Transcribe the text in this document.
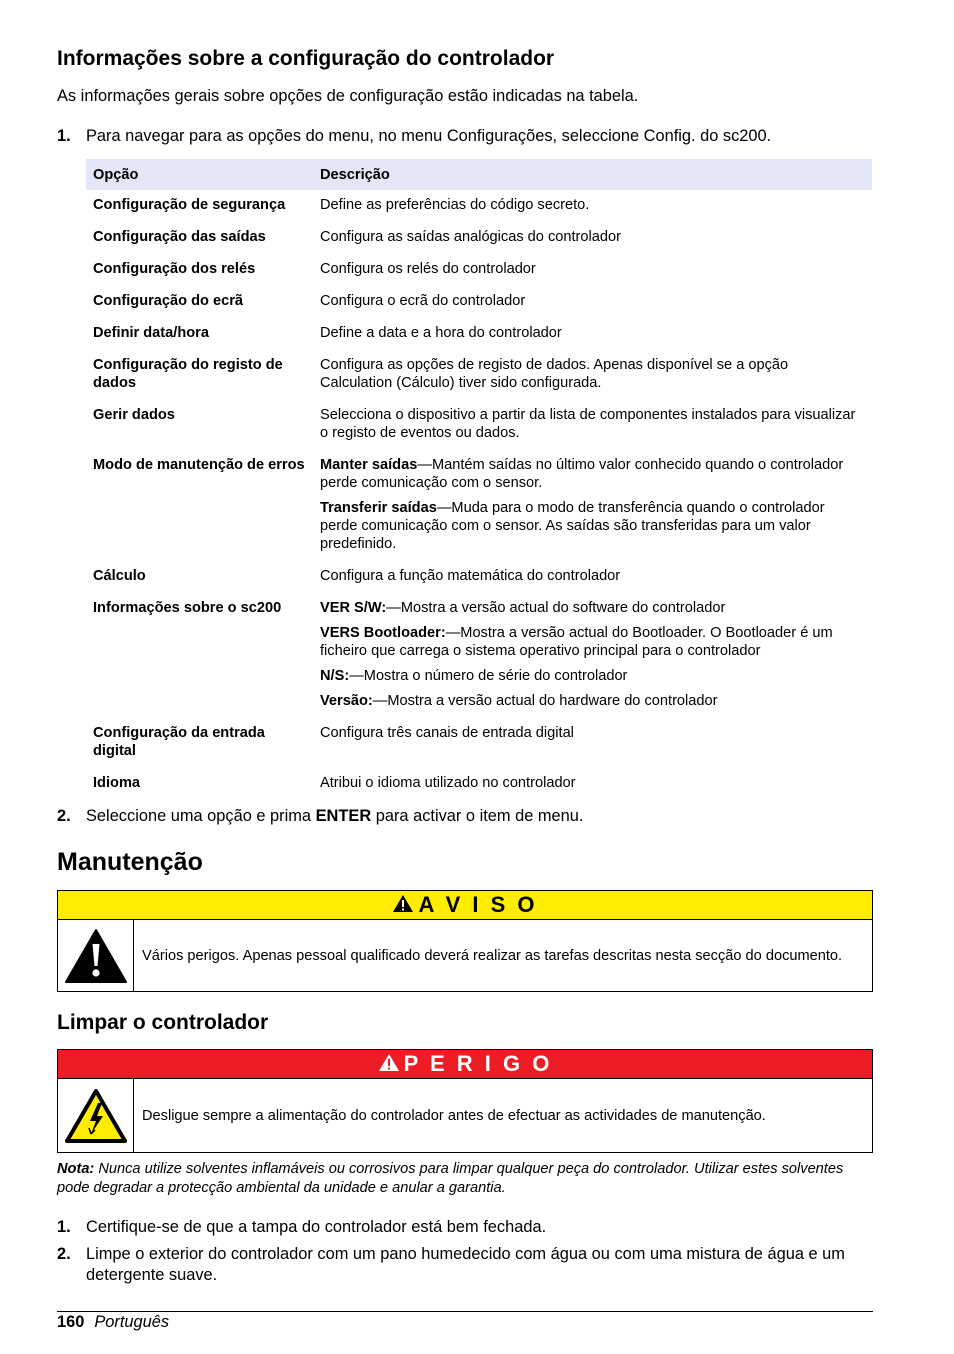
Informações sobre a configuração do controlador

As informações gerais sobre opções de configuração estão indicadas na tabela.

1. Para navegar para as opções do menu, no menu Configurações, seleccione Config. do sc200.
Opção	Descrição
Configuração de segurança	Define as preferências do código secreto.

Configuração das saídas	Configura as saídas analógicas do controlador

Configuração dos relés	Configura os relés do controlador

Configuração do ecrã	Configura o ecrã do controlador

Definir data/hora	Define a data e a hora do controlador

Configuração do registo de dados	Configura as opções de registo de dados. Apenas disponível se a opção Calculation (Cálculo) tiver sido configurada.

Gerir dados	Selecciona o dispositivo a partir da lista de componentes instalados para visualizar o registo de eventos ou dados.

Modo de manutenção de erros	Manter saídas—Mantém saídas no último valor conhecido quando o controlador perde comunicação com o sensor.

Transferir saídas—Muda para o modo de transferência quando o controlador perde comunicação com o sensor. As saídas são transferidas para um valor predefinido.

Cálculo	Configura a função matemática do controlador

Informações sobre o sc200	VER S/W:—Mostra a versão actual do software do controlador

VERS Bootloader:—Mostra a versão actual do Bootloader. O Bootloader é um ficheiro que carrega o sistema operativo principal para o controlador

N/S:—Mostra o número de série do controlador

Versão:—Mostra a versão actual do hardware do controlador

Configuração da entrada digital	Configura três canais de entrada digital

Idioma	Atribui o idioma utilizado no controlador

2. Seleccione uma opção e prima ENTER para activar o item de menu.
Manutenção
A V I S O
Vários perigos. Apenas pessoal qualificado deverá realizar as tarefas descritas nesta secção do documento.
Limpar o controlador
P E R I G O
Desligue sempre a alimentação do controlador antes de efectuar as actividades de manutenção.

Nota: Nunca utilize solventes inflamáveis ou corrosivos para limpar qualquer peça do controlador. Utilizar estes solventes pode degradar a protecção ambiental da unidade e anular a garantia.

1. Certifique-se de que a tampa do controlador está bem fechada.
2. Limpe o exterior do controlador com um pano humedecido com água ou com uma mistura de água e um detergente suave.
160 Português
